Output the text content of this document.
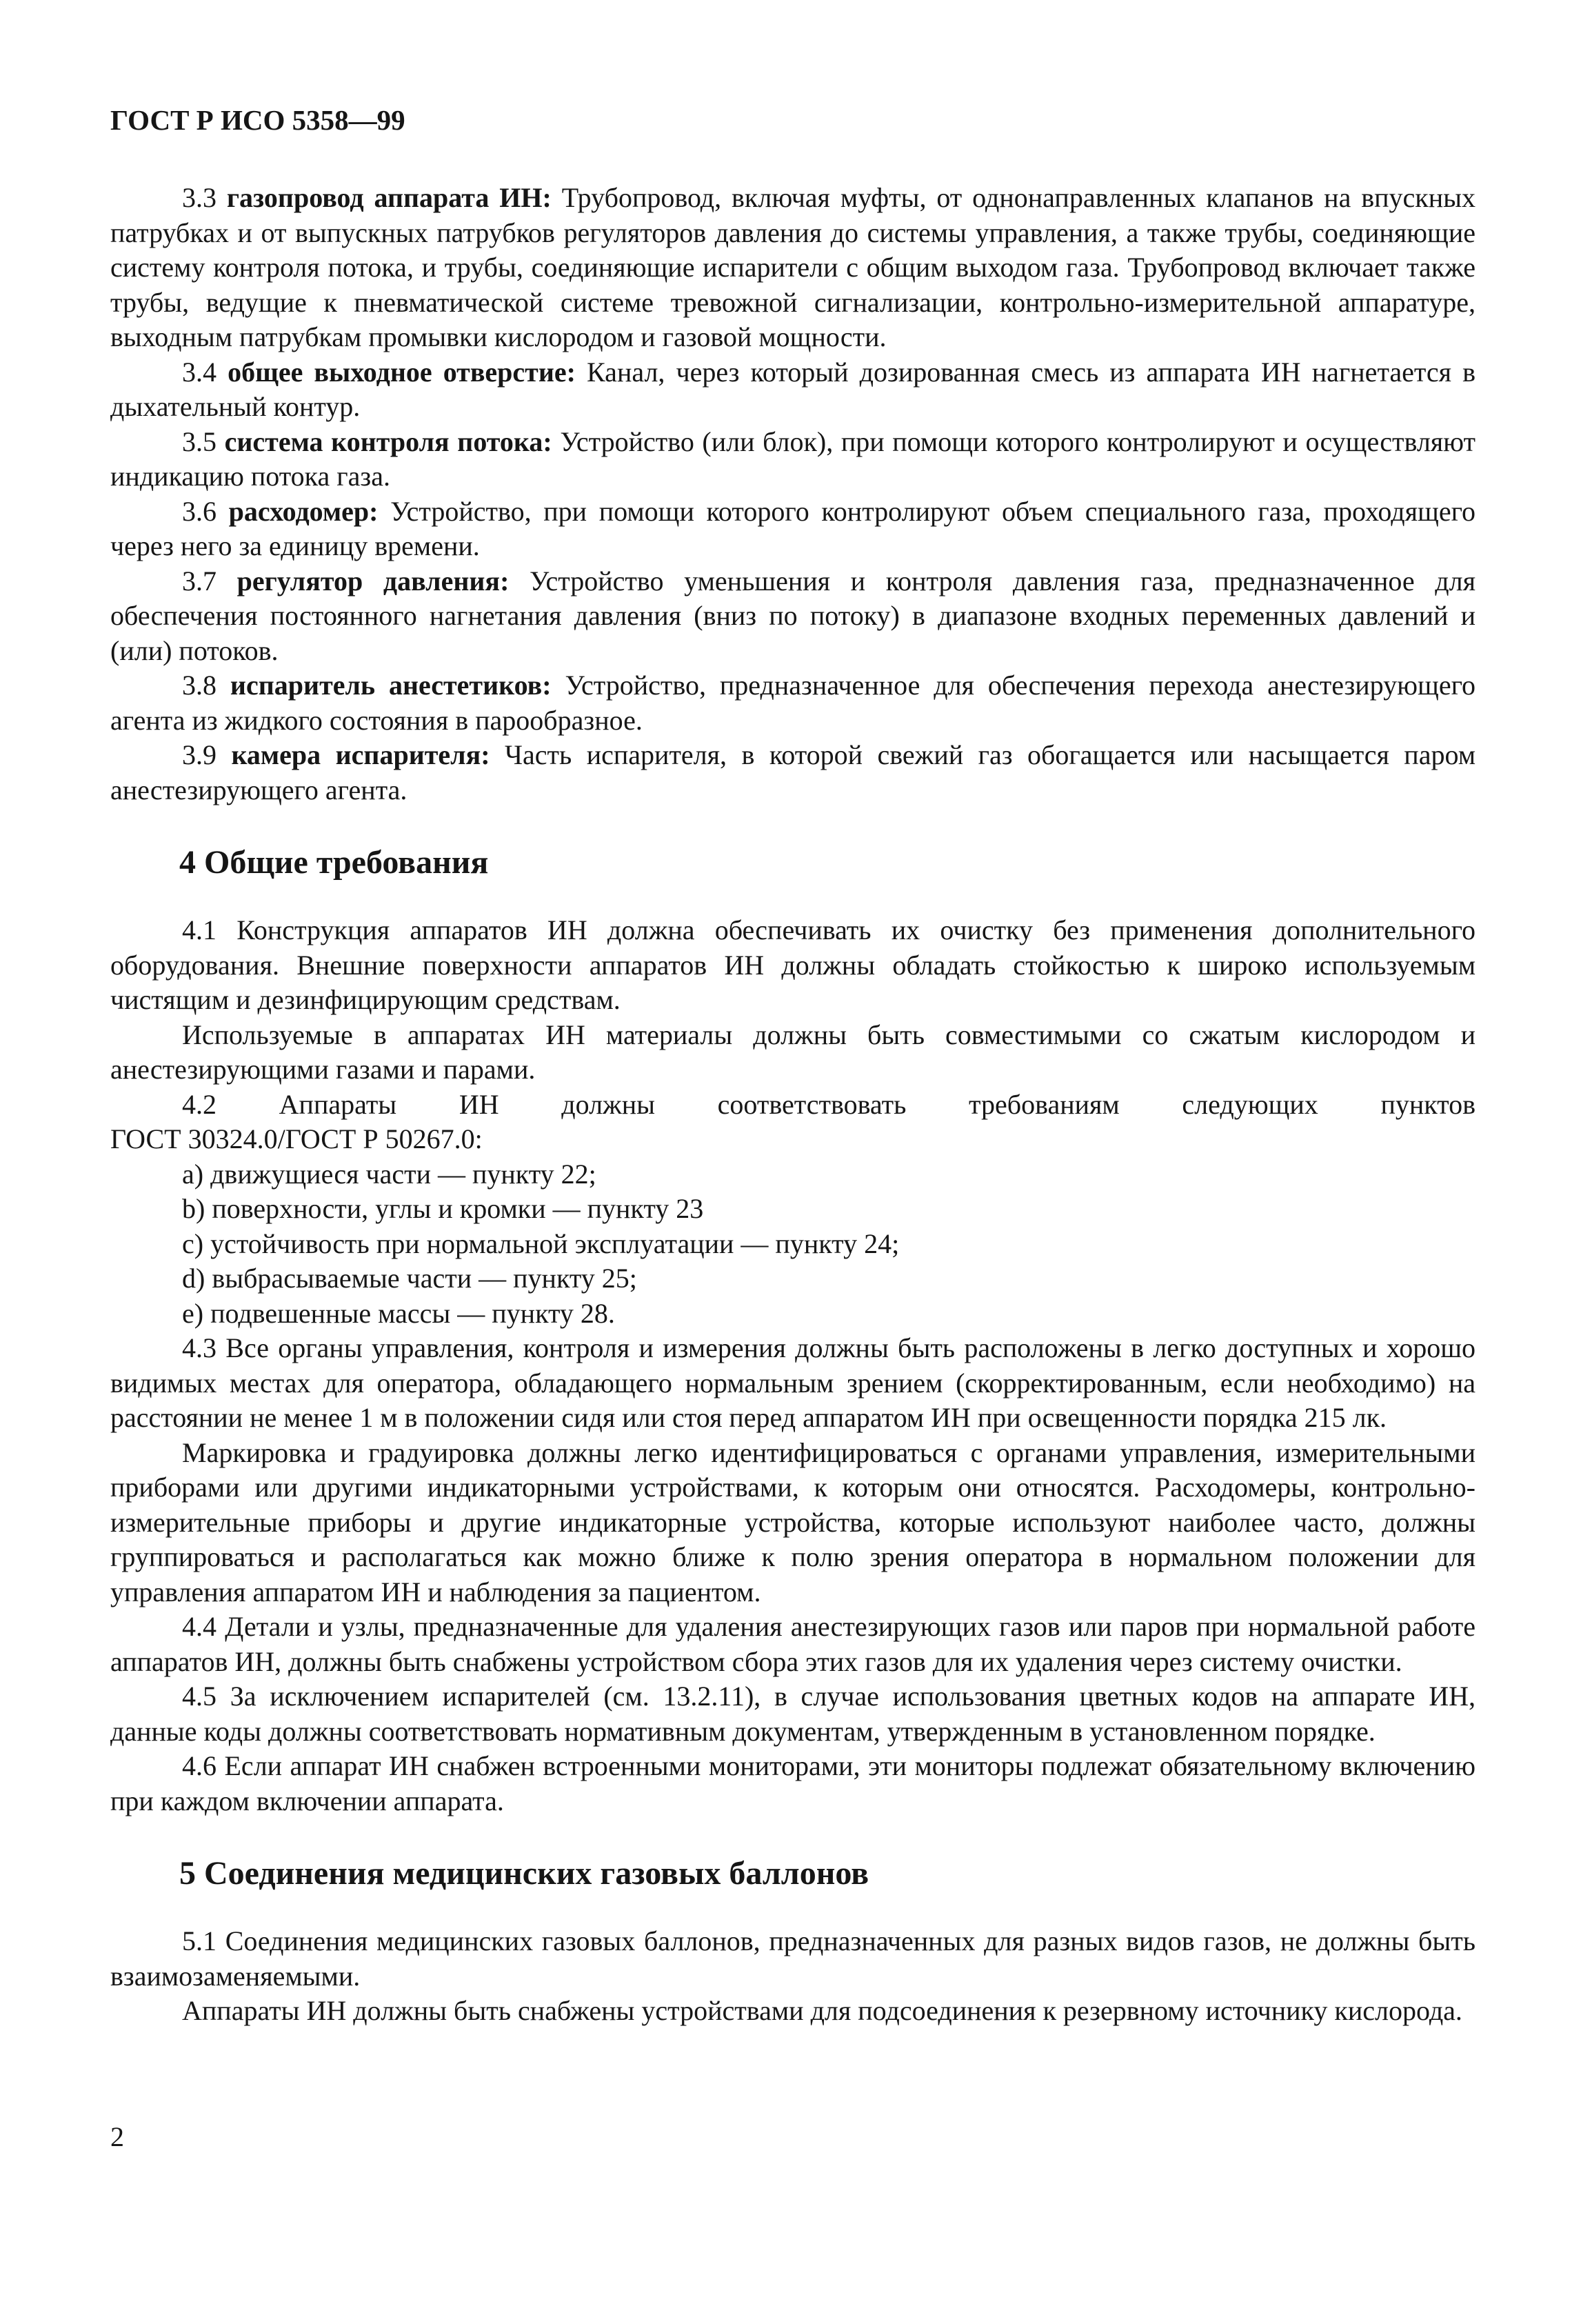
ГОСТ Р ИСО 5358—99

3.3 газопровод аппарата ИН: Трубопровод, включая муфты, от однонаправленных клапанов на впускных патрубках и от выпускных патрубков регуляторов давления до системы управления, а также трубы, соединяющие систему контроля потока, и трубы, соединяющие испарители с общим выходом газа. Трубопровод включает также трубы, ведущие к пневматической системе тревожной сигнализации, контрольно-измерительной аппаратуре, выходным патрубкам промывки кислородом и газовой мощности.

3.4 общее выходное отверстие: Канал, через который дозированная смесь из аппарата ИН нагнетается в дыхательный контур.

3.5 система контроля потока: Устройство (или блок), при помощи которого контролируют и осуществляют индикацию потока газа.

3.6 расходомер: Устройство, при помощи которого контролируют объем специального газа, проходящего через него за единицу времени.

3.7 регулятор давления: Устройство уменьшения и контроля давления газа, предназначенное для обеспечения постоянного нагнетания давления (вниз по потоку) в диапазоне входных переменных давлений и (или) потоков.

3.8 испаритель анестетиков: Устройство, предназначенное для обеспечения перехода анестезирующего агента из жидкого состояния в парообразное.

3.9 камера испарителя: Часть испарителя, в которой свежий газ обогащается или насыщается паром анестезирующего агента.

4 Общие требования

4.1 Конструкция аппаратов ИН должна обеспечивать их очистку без применения дополнительного оборудования. Внешние поверхности аппаратов ИН должны обладать стойкостью к широко используемым чистящим и дезинфицирующим средствам.

Используемые в аппаратах ИН материалы должны быть совместимыми со сжатым кислородом и анестезирующими газами и парами.

4.2 Аппараты ИН должны соответствовать требованиям следующих пунктов

ГОСТ 30324.0/ГОСТ Р 50267.0:

a) движущиеся части — пункту 22;
b) поверхности, углы и кромки — пункту 23
c) устойчивость при нормальной эксплуатации — пункту 24;
d) выбрасываемые части — пункту 25;
e) подвешенные массы — пункту 28.

4.3 Все органы управления, контроля и измерения должны быть расположены в легко доступных и хорошо видимых местах для оператора, обладающего нормальным зрением (скорректированным, если необходимо) на расстоянии не менее 1 м в положении сидя или стоя перед аппаратом ИН при освещенности порядка 215 лк.

Маркировка и градуировка должны легко идентифицироваться с органами управления, измерительными приборами или другими индикаторными устройствами, к которым они относятся. Расходомеры, контрольно-измерительные приборы и другие индикаторные устройства, которые используют наиболее часто, должны группироваться и располагаться как можно ближе к полю зрения оператора в нормальном положении для управления аппаратом ИН и наблюдения за пациентом.

4.4 Детали и узлы, предназначенные для удаления анестезирующих газов или паров при нормальной работе аппаратов ИН, должны быть снабжены устройством сбора этих газов для их удаления через систему очистки.

4.5 За исключением испарителей (см. 13.2.11), в случае использования цветных кодов на аппарате ИН, данные коды должны соответствовать нормативным документам, утвержденным в установленном порядке.

4.6 Если аппарат ИН снабжен встроенными мониторами, эти мониторы подлежат обязательному включению при каждом включении аппарата.

5 Соединения медицинских газовых баллонов

5.1 Соединения медицинских газовых баллонов, предназначенных для разных видов газов, не должны быть взаимозаменяемыми.

Аппараты ИН должны быть снабжены устройствами для подсоединения к резервному источнику кислорода.

2
